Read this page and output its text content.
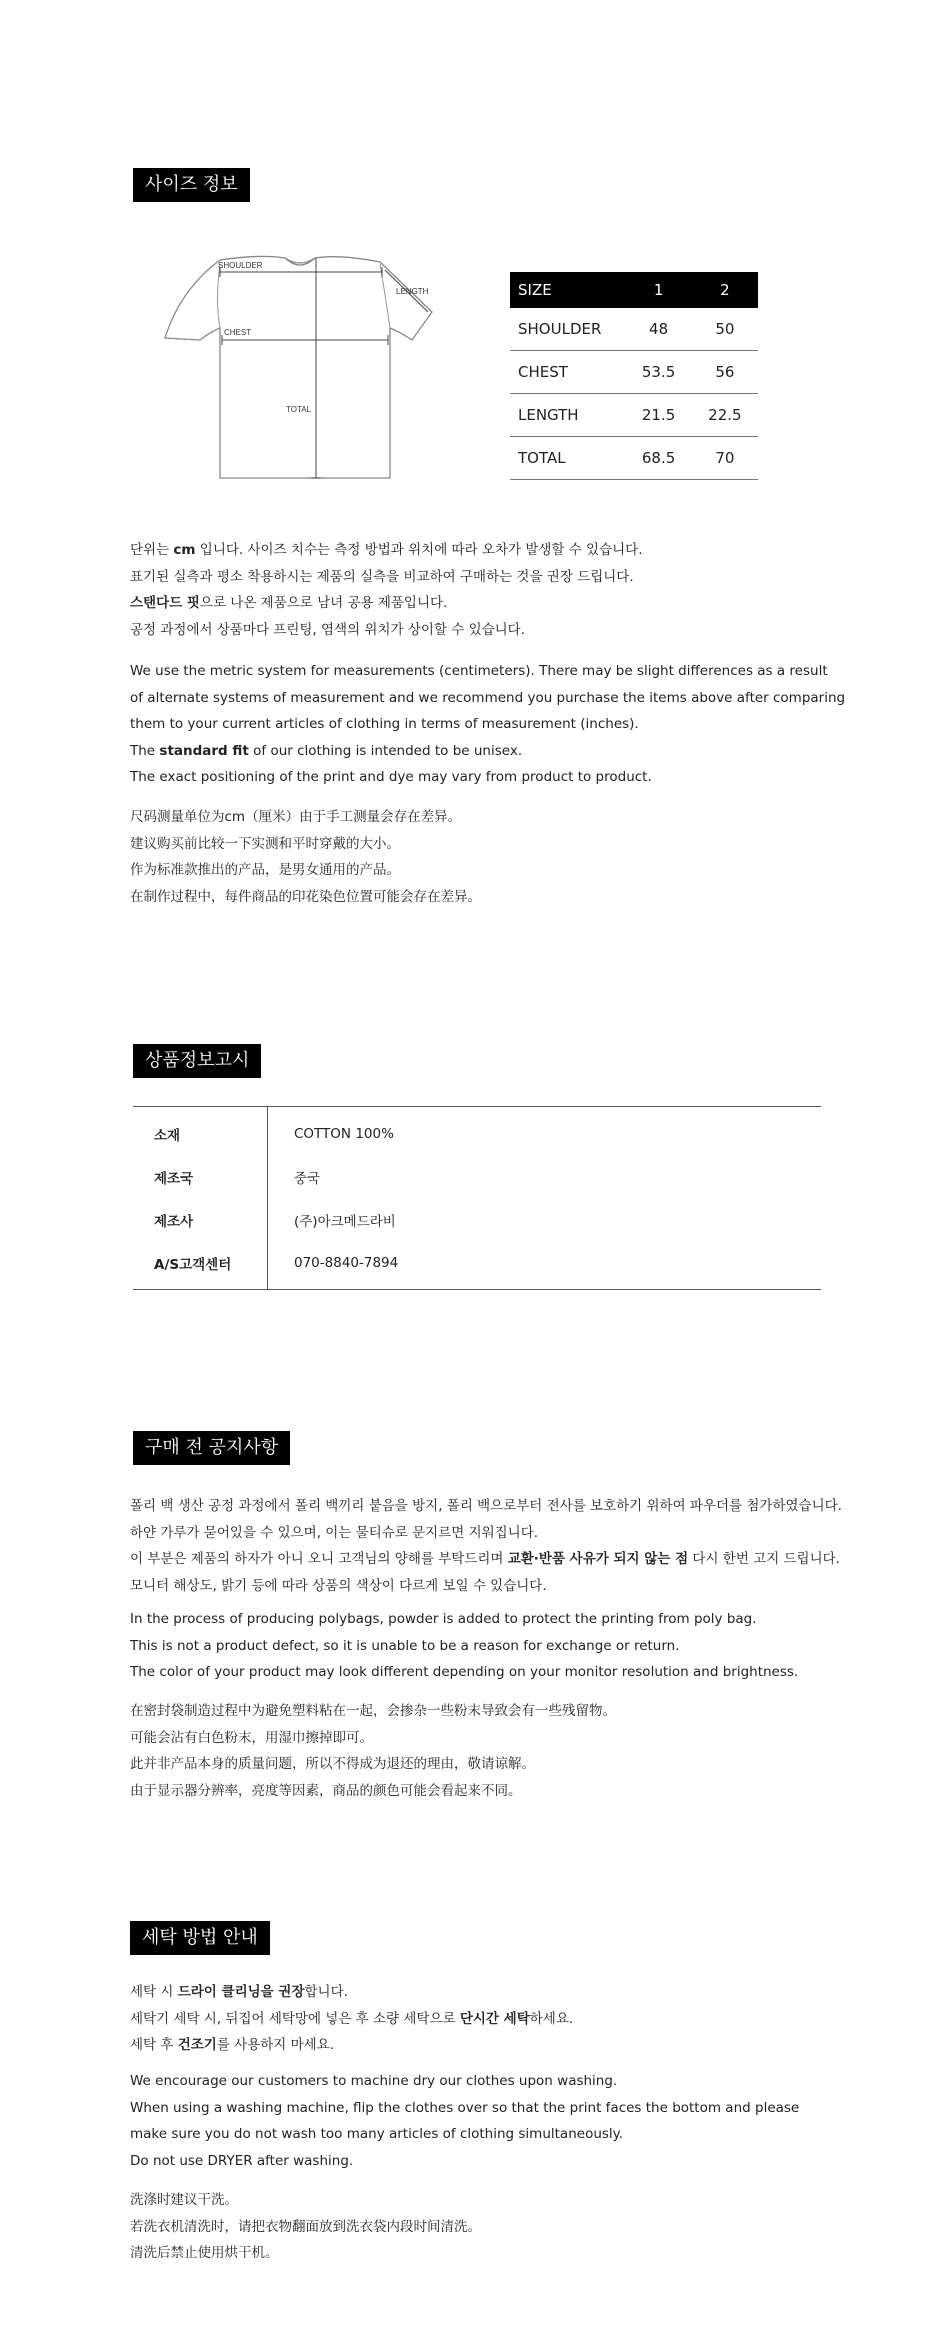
사이즈 정보
SHOULDER
LENGTH
CHEST
TOTAL
SIZE	1	2
SHOULDER	48	50
CHEST	53.5	56
LENGTH	21.5	22.5
TOTAL	68.5	70

단위는 cm 입니다. 사이즈 치수는 측정 방법과 위치에 따라 오차가 발생할 수 있습니다.

표기된 실측과 평소 착용하시는 제품의 실측을 비교하여 구매하는 것을 권장 드립니다.

스탠다드 핏으로 나온 제품으로 남녀 공용 제품입니다.

공정 과정에서 상품마다 프린팅, 염색의 위치가 상이할 수 있습니다.

We use the metric system for measurements (centimeters). There may be slight differences as a result

of alternate systems of measurement and we recommend you purchase the items above after comparing

them to your current articles of clothing in terms of measurement (inches).

The standard fit of our clothing is intended to be unisex.

The exact positioning of the print and dye may vary from product to product.

尺码测量单位为cm（厘米）由于手工测量会存在差异。

建议购买前比较一下实测和平时穿戴的大小。

作为标准款推出的产品，是男女通用的产品。

在制作过程中，每件商品的印花染色位置可能会存在差异。

상품정보고시
소재	COTTON 100%
제조국	중국
제조사	(주)아크메드라비
A/S고객센터	070-8840-7894
구매 전 공지사항

폴리 백 생산 공정 과정에서 폴리 백끼리 붙음을 방지, 폴리 백으로부터 전사를 보호하기 위하여 파우더를 첨가하였습니다.

하얀 가루가 묻어있을 수 있으며, 이는 물티슈로 문지르면 지워집니다.

이 부분은 제품의 하자가 아니 오니 고객님의 양해를 부탁드리며 교환·반품 사유가 되지 않는 점 다시 한번 고지 드립니다.

모니터 해상도, 밝기 등에 따라 상품의 색상이 다르게 보일 수 있습니다.

In the process of producing polybags, powder is added to protect the printing from poly bag.

This is not a product defect, so it is unable to be a reason for exchange or return.

The color of your product may look different depending on your monitor resolution and brightness.

在密封袋制造过程中为避免塑料粘在一起，会掺杂一些粉末导致会有一些残留物。

可能会沾有白色粉末，用湿巾擦掉即可。

此并非产品本身的质量问题，所以不得成为退还的理由，敬请谅解。

由于显示器分辨率，亮度等因素，商品的颜色可能会看起来不同。

세탁 방법 안내

세탁 시 드라이 클리닝을 권장합니다.

세탁기 세탁 시, 뒤집어 세탁망에 넣은 후 소량 세탁으로 단시간 세탁하세요.

세탁 후 건조기를 사용하지 마세요.

We encourage our customers to machine dry our clothes upon washing.

When using a washing machine, flip the clothes over so that the print faces the bottom and please

make sure you do not wash too many articles of clothing simultaneously.

Do not use DRYER after washing.

洗涤时建议干洗。

若洗衣机清洗时，请把衣物翻面放到洗衣袋内段时间清洗。

清洗后禁止使用烘干机。
